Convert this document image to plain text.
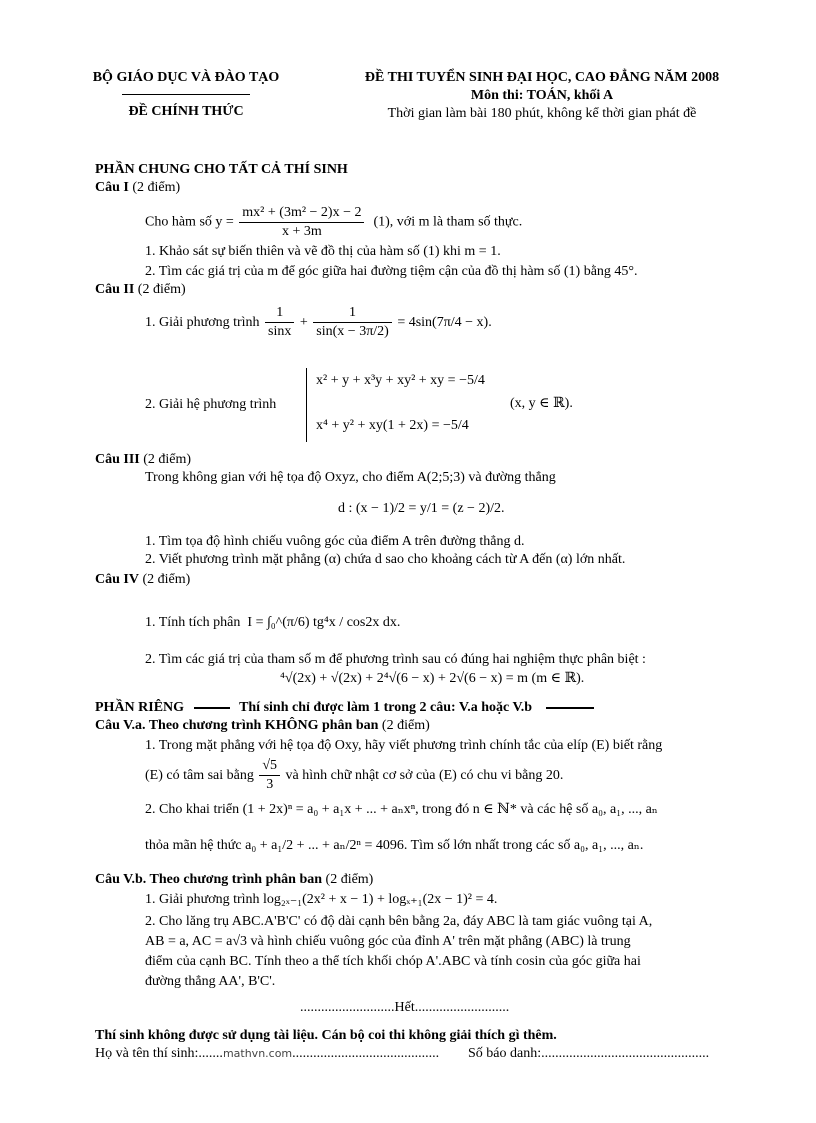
BỘ GIÁO DỤC VÀ ĐÀO TẠO
ĐỀ CHÍNH THỨC
ĐỀ THI TUYỂN SINH ĐẠI HỌC, CAO ĐẲNG NĂM 2008
Môn thi: TOÁN, khối A
Thời gian làm bài 180 phút, không kể thời gian phát đề
PHẦN CHUNG CHO TẤT CẢ THÍ SINH
Câu I (2 điểm)
Cho hàm số $y = \frac{\text{mx² + (3m² − 2)x − 2}}{x + 3m} (1)$, với m là tham số thực.
1. Khảo sát sự biến thiên và vẽ đồ thị của hàm số (1) khi m = 1.
2. Tìm các giá trị của m để góc giữa hai đường tiệm cận của đồ thị hàm số (1) bằng 45°.
Câu II (2 điểm)
1. Giải phương trình $\frac{1}{\sin x} + \frac{1}{\sin(x - 3\pi/2)} = 4\sin(7\pi/4 - x)$.
2. Giải hệ phương trình
x² + y + x³y + xy² + xy = −5/4
x⁴ + y² + xy(1 + 2x) = −5/4
(x, y ∈ ℝ).
Câu III (2 điểm)
Trong không gian với hệ tọa độ Oxyz, cho điểm A(2;5;3) và đường thẳng
d : (x − 1)/2 = y/1 = (z − 2)/2.
1. Tìm tọa độ hình chiếu vuông góc của điểm A trên đường thẳng d.
2. Viết phương trình mặt phẳng (α) chứa d sao cho khoảng cách từ A đến (α) lớn nhất.
Câu IV (2 điểm)
1. Tính tích phân I = ∫₀^(π/6) tg⁴x / cos2x dx.
2. Tìm các giá trị của tham số m để phương trình sau có đúng hai nghiệm thực phân biệt :
⁴√(2x) + √(2x) + 2⁴√(6 − x) + 2√(6 − x) = m (m ∈ ℝ).
PHẦN RIÊNG	Thí sinh chỉ được làm 1 trong 2 câu: V.a hoặc V.b
Câu V.a. Theo chương trình KHÔNG phân ban (2 điểm)
1. Trong mặt phẳng với hệ tọa độ Oxy, hãy viết phương trình chính tắc của elíp (E) biết rằng
(E) có tâm sai bằng $\frac{√5}{3}$ và hình chữ nhật cơ sở của (E) có chu vi bằng 20.
2. Cho khai triển (1 + 2x)ⁿ = a₀ + a₁x + ... + aₙxⁿ, trong đó n ∈ ℕ* và các hệ số a₀, a₁, ..., aₙ
thỏa mãn hệ thức a₀ + a₁/2 + ... + aₙ/2ⁿ = 4096. Tìm số lớn nhất trong các số a₀, a₁, ..., aₙ.
Câu V.b. Theo chương trình phân ban (2 điểm)
1. Giải phương trình log₂ₓ₋₁(2x² + x − 1) + logₓ₊₁(2x − 1)² = 4.
2. Cho lăng trụ ABC.A'B'C' có độ dài cạnh bên bằng 2a, đáy ABC là tam giác vuông tại A,
AB = a, AC = a√3 và hình chiếu vuông góc của đỉnh A' trên mặt phẳng (ABC) là trung
điểm của cạnh BC. Tính theo a thể tích khối chóp A'.ABC và tính cosin của góc giữa hai
đường thẳng AA', B'C'.
...........................Hết...........................
Thí sinh không được sử dụng tài liệu. Cán bộ coi thi không giải thích gì thêm.
Họ và tên thí sinh:.......mathvn.com.......................................... Số báo danh:................................................
